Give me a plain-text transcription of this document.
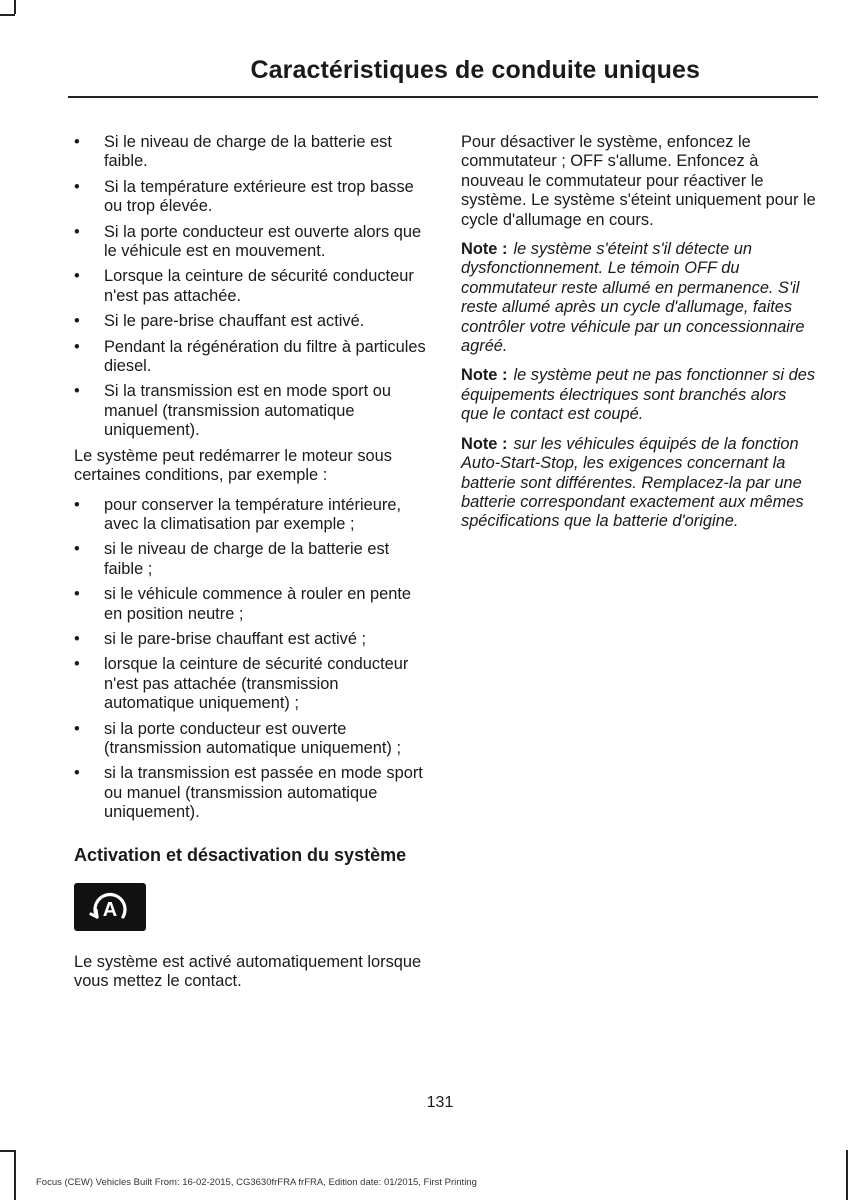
Caractéristiques de conduite uniques
• Si le niveau de charge de la batterie est faible.
• Si la température extérieure est trop basse ou trop élevée.
• Si la porte conducteur est ouverte alors que le véhicule est en mouvement.
• Lorsque la ceinture de sécurité conducteur n'est pas attachée.
• Si le pare-brise chauffant est activé.
• Pendant la régénération du filtre à particules diesel.
• Si la transmission est en mode sport ou manuel (transmission automatique uniquement).

Le système peut redémarrer le moteur sous certaines conditions, par exemple :

• pour conserver la température intérieure, avec la climatisation par exemple ;
• si le niveau de charge de la batterie est faible ;
• si le véhicule commence à rouler en pente en position neutre ;
• si le pare-brise chauffant est activé ;
• lorsque la ceinture de sécurité conducteur n'est pas attachée (transmission automatique uniquement) ;
• si la porte conducteur est ouverte (transmission automatique uniquement) ;
• si la transmission est passée en mode sport ou manuel (transmission automatique uniquement).
Activation et désactivation du système
A

Le système est activé automatiquement lorsque vous mettez le contact.

Pour désactiver le système, enfoncez le commutateur ; OFF s'allume. Enfoncez à nouveau le commutateur pour réactiver le système. Le système s'éteint uniquement pour le cycle d'allumage en cours.

Note : le système s'éteint s'il détecte un dysfonctionnement. Le témoin OFF du commutateur reste allumé en permanence. S'il reste allumé après un cycle d'allumage, faites contrôler votre véhicule par un concessionnaire agréé.
Note : le système peut ne pas fonctionner si des équipements électriques sont branchés alors que le contact est coupé.
Note : sur les véhicules équipés de la fonction Auto-Start-Stop, les exigences concernant la batterie sont différentes. Remplacez-la par une batterie correspondant exactement aux mêmes spécifications que la batterie d'origine.
131
Focus (CEW) Vehicles Built From: 16-02-2015, CG3630frFRA frFRA, Edition date: 01/2015, First Printing
